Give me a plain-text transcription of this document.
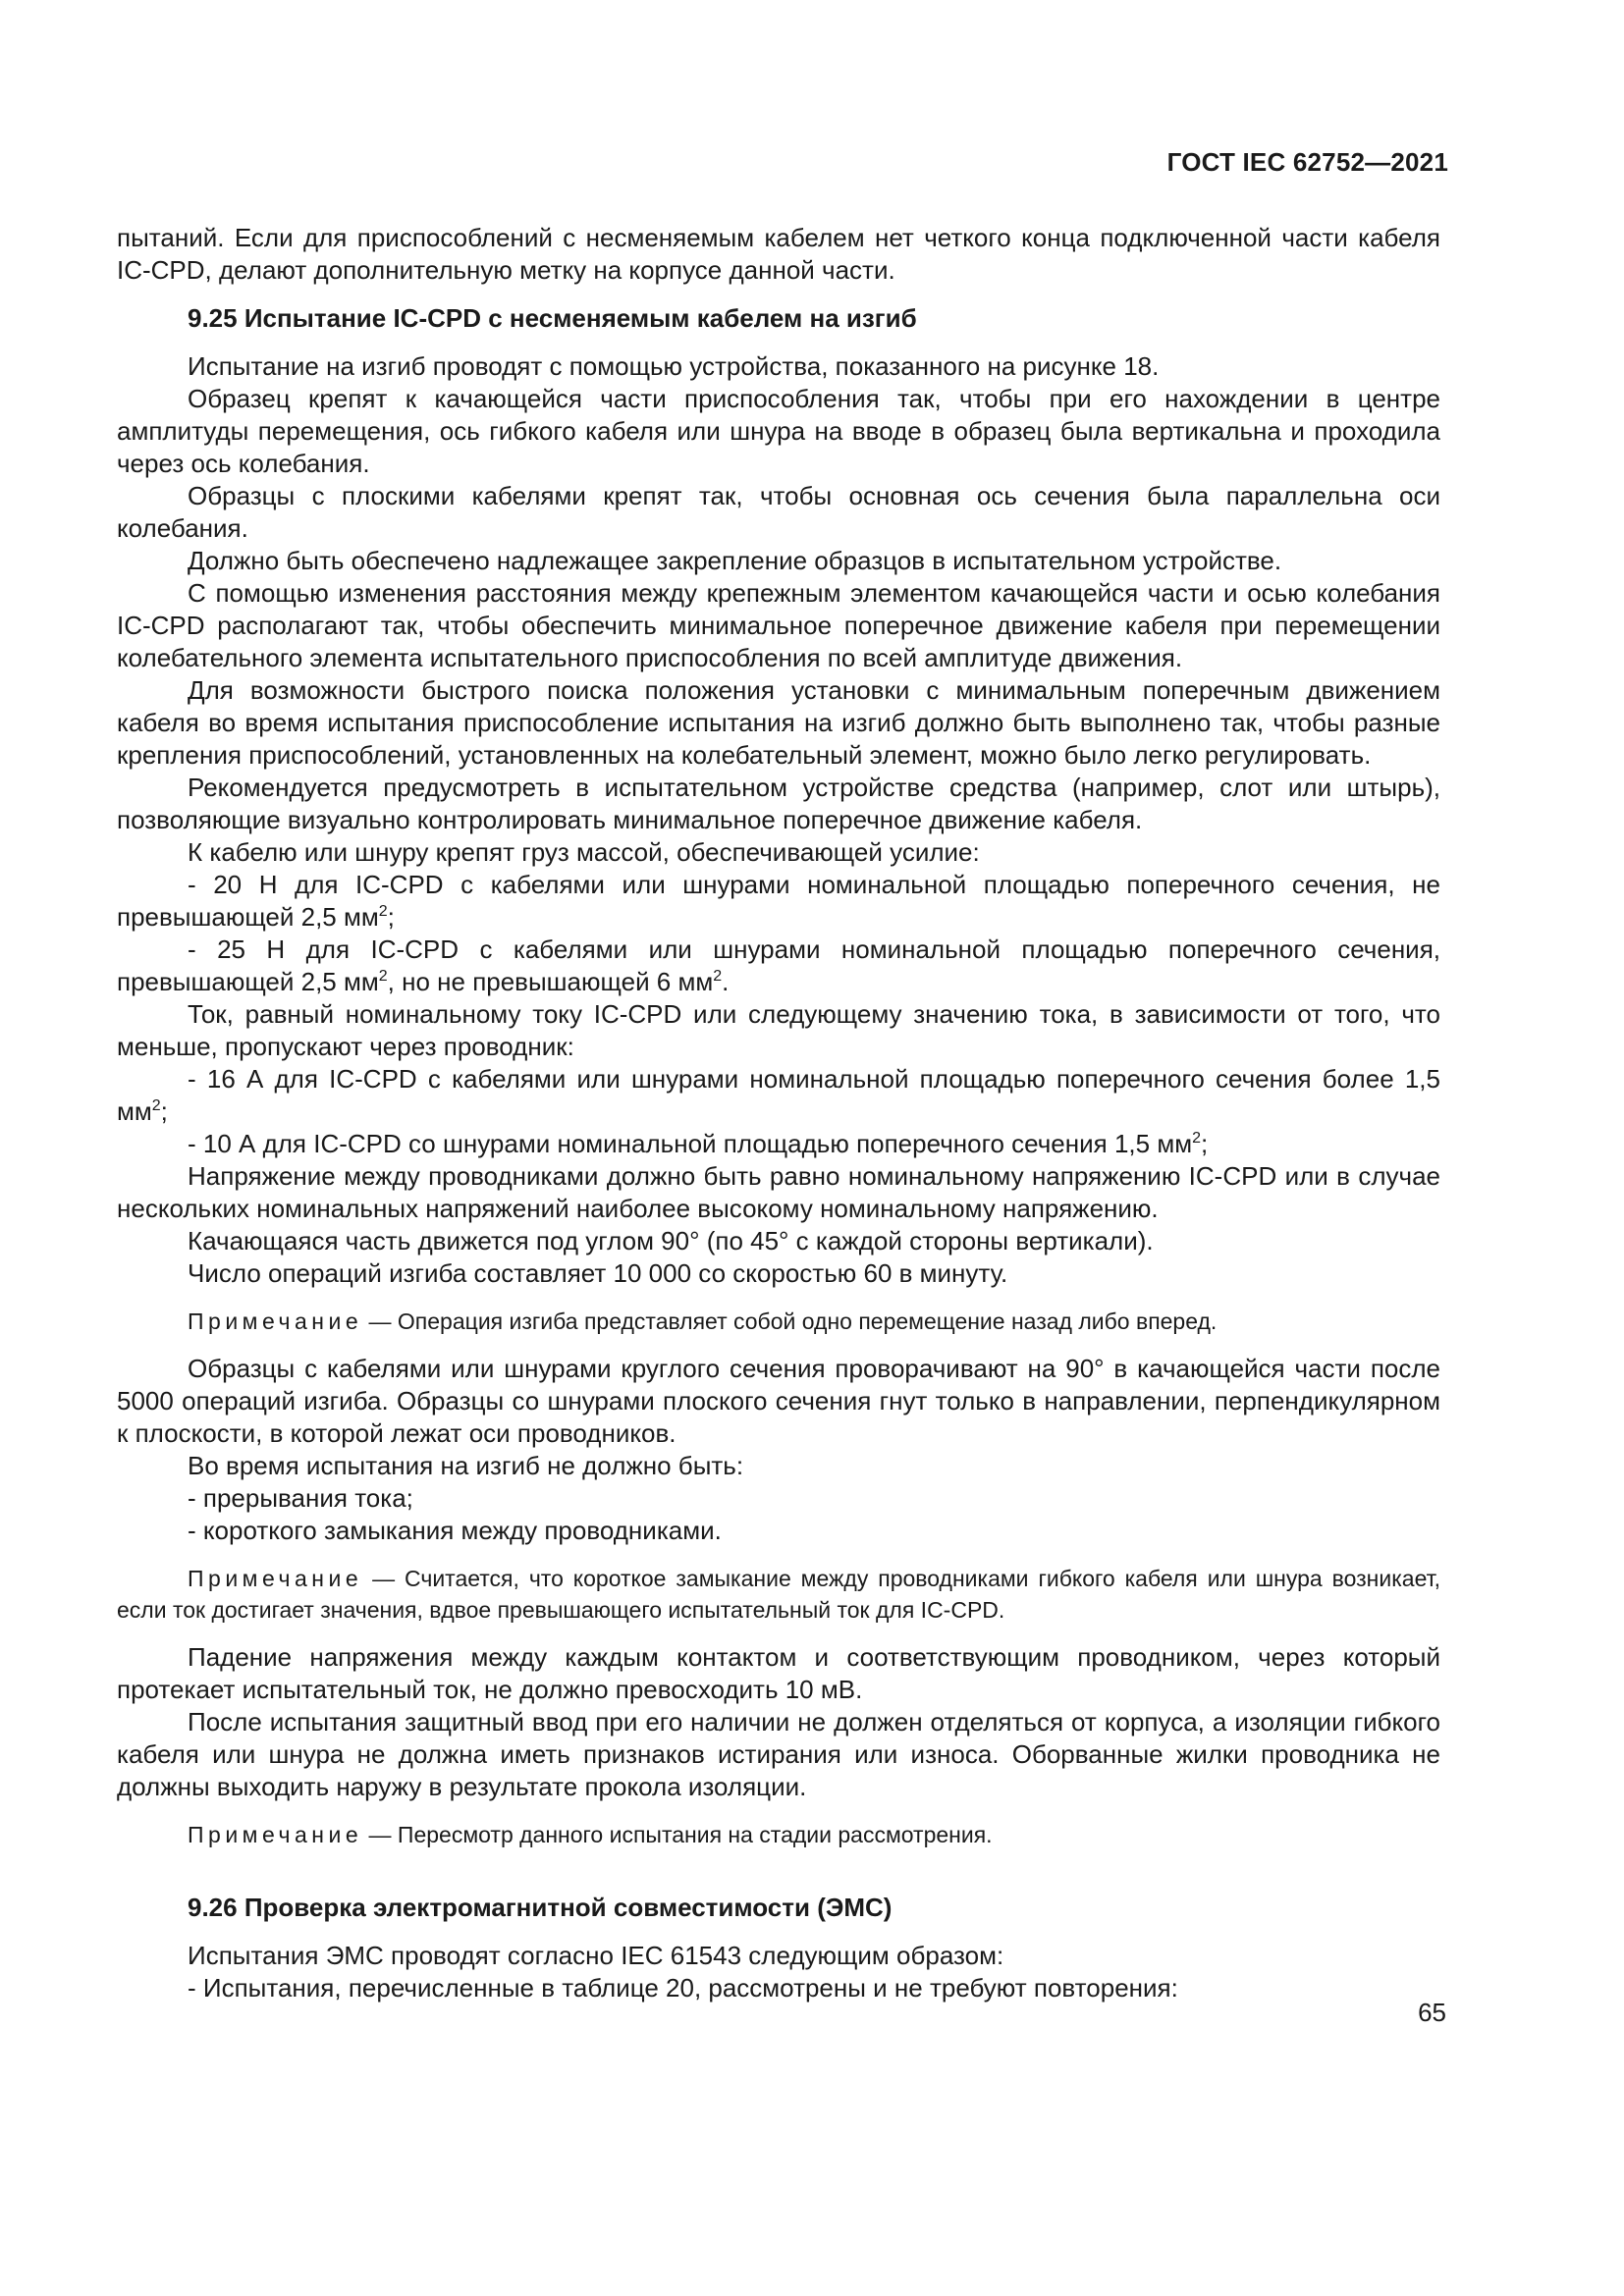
ГОСТ IEC 62752—2021

пытаний. Если для приспособлений с несменяемым кабелем нет четкого конца подключенной части кабеля IC-CPD, делают дополнительную метку на корпусе данной части.

9.25 Испытание IC-CPD с несменяемым кабелем на изгиб

Испытание на изгиб проводят с помощью устройства, показанного на рисунке 18.

Образец крепят к качающейся части приспособления так, чтобы при его нахождении в центре амплитуды перемещения, ось гибкого кабеля или шнура на вводе в образец была вертикальна и проходила через ось колебания.

Образцы с плоскими кабелями крепят так, чтобы основная ось сечения была параллельна оси колебания.

Должно быть обеспечено надлежащее закрепление образцов в испытательном устройстве.

С помощью изменения расстояния между крепежным элементом качающейся части и осью колебания IC-CPD располагают так, чтобы обеспечить минимальное поперечное движение кабеля при перемещении колебательного элемента испытательного приспособления по всей амплитуде движения.

Для возможности быстрого поиска положения установки с минимальным поперечным движением кабеля во время испытания приспособление испытания на изгиб должно быть выполнено так, чтобы разные крепления приспособлений, установленных на колебательный элемент, можно было легко регулировать.

Рекомендуется предусмотреть в испытательном устройстве средства (например, слот или штырь), позволяющие визуально контролировать минимальное поперечное движение кабеля.

К кабелю или шнуру крепят груз массой, обеспечивающей усилие:

- 20 Н для IC-CPD с кабелями или шнурами номинальной площадью поперечного сечения, не превышающей 2,5 $мм^2$;

- 25 Н для IC-CPD с кабелями или шнурами номинальной площадью поперечного сечения, превышающей 2,5 $мм^2$, но не превышающей 6 $мм^2$.

Ток, равный номинальному току IC-CPD или следующему значению тока, в зависимости от того, что меньше, пропускают через проводник:

- 16 А для IC-CPD с кабелями или шнурами номинальной площадью поперечного сечения более 1,5 $мм^2$;

- 10 А для IC-CPD со шнурами номинальной площадью поперечного сечения 1,5 $мм^2$;

Напряжение между проводниками должно быть равно номинальному напряжению IC-CPD или в случае нескольких номинальных напряжений наиболее высокому номинальному напряжению.

Качающаяся часть движется под углом 90° (по 45° с каждой стороны вертикали).

Число операций изгиба составляет 10 000 со скоростью 60 в минуту.

Примечание — Операция изгиба представляет собой одно перемещение назад либо вперед.

Образцы с кабелями или шнурами круглого сечения проворачивают на 90° в качающейся части после 5000 операций изгиба. Образцы со шнурами плоского сечения гнут только в направлении, перпендикулярном к плоскости, в которой лежат оси проводников.

Во время испытания на изгиб не должно быть:

- прерывания тока;

- короткого замыкания между проводниками.

Примечание — Считается, что короткое замыкание между проводниками гибкого кабеля или шнура возникает, если ток достигает значения, вдвое превышающего испытательный ток для IC-CPD.

Падение напряжения между каждым контактом и соответствующим проводником, через который протекает испытательный ток, не должно превосходить 10 мВ.

После испытания защитный ввод при его наличии не должен отделяться от корпуса, а изоляции гибкого кабеля или шнура не должна иметь признаков истирания или износа. Оборванные жилки проводника не должны выходить наружу в результате прокола изоляции.

Примечание — Пересмотр данного испытания на стадии рассмотрения.

9.26 Проверка электромагнитной совместимости (ЭМС)

Испытания ЭМС проводят согласно IEC 61543 следующим образом:

- Испытания, перечисленные в таблице 20, рассмотрены и не требуют повторения:

65
